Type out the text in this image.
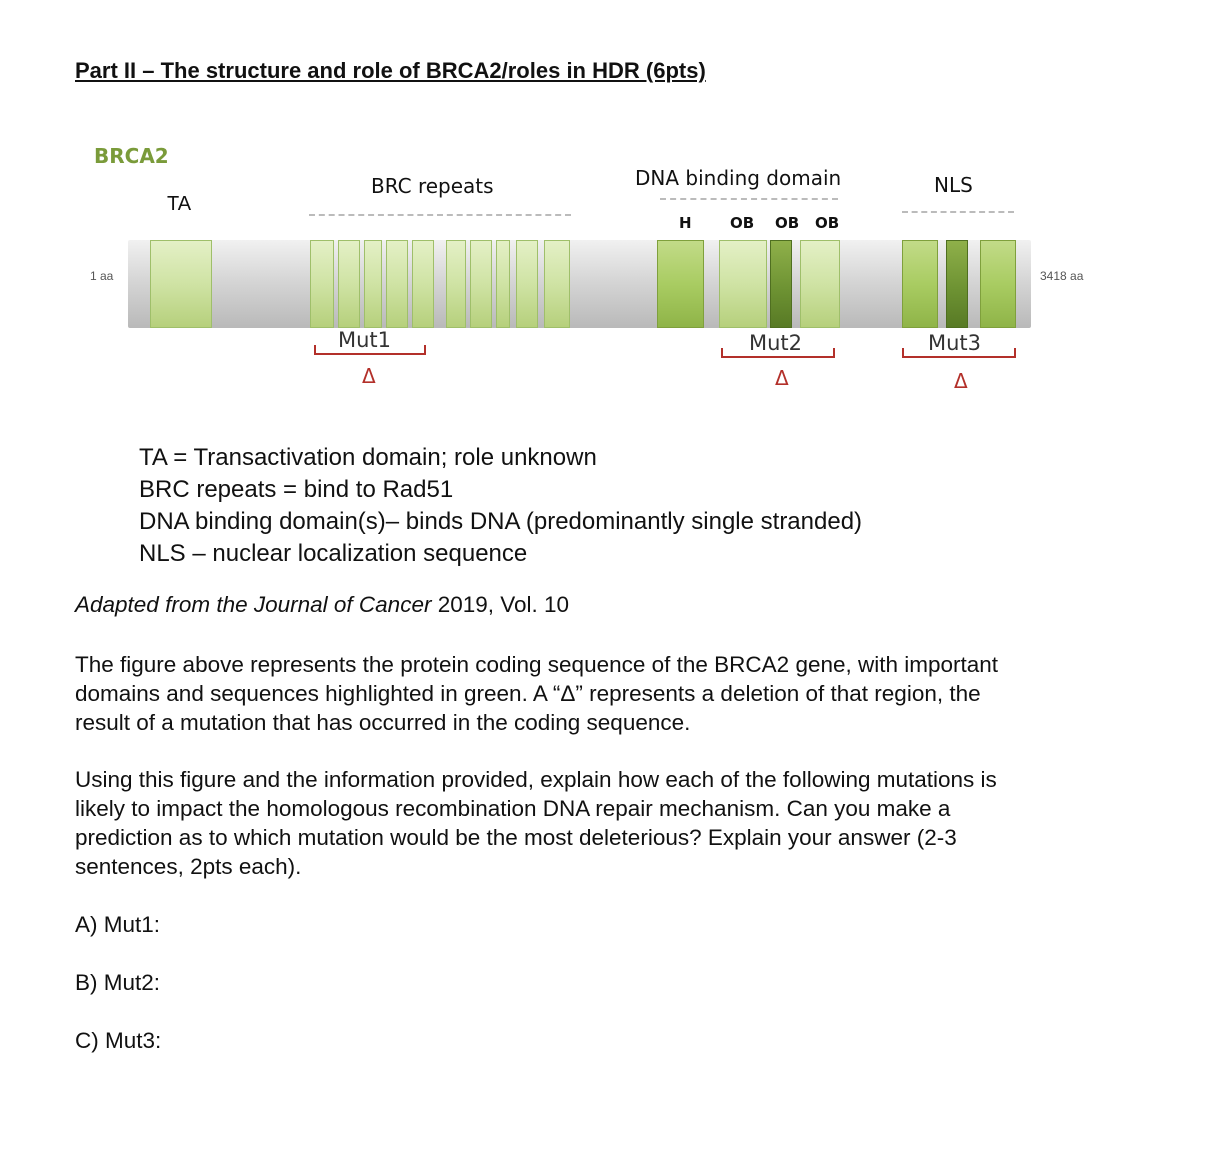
Part II – The structure and role of BRCA2/roles in HDR (6pts)
BRCA2
TA
BRC repeats	DNA binding domain	NLS
H	OB OB OB
1 aa	3418 aa
Mut1
Δ
Mut2
Δ
Mut3
Δ
TA = Transactivation domain; role unknown
BRC repeats = bind to Rad51
DNA binding domain(s)– binds DNA (predominantly single stranded)
NLS – nuclear localization sequence
Adapted from the Journal of Cancer 2019, Vol. 10
The figure above represents the protein coding sequence of the BRCA2 gene, with important
domains and sequences highlighted in green. A “Δ” represents a deletion of that region, the
result of a mutation that has occurred in the coding sequence.
Using this figure and the information provided, explain how each of the following mutations is
likely to impact the homologous recombination DNA repair mechanism. Can you make a
prediction as to which mutation would be the most deleterious? Explain your answer (2-3
sentences, 2pts each).
A) Mut1:
B) Mut2:
C) Mut3:
